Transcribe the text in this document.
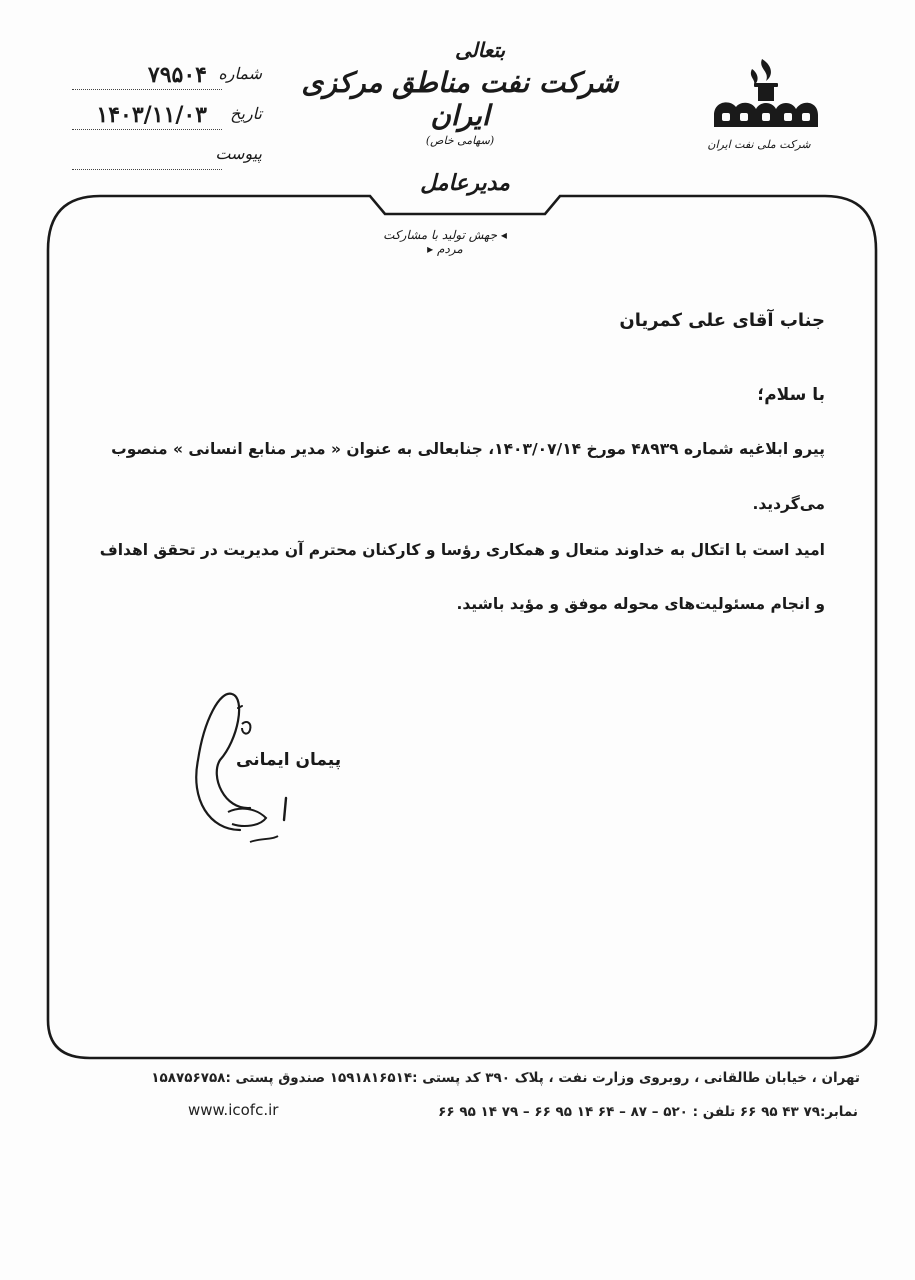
شرکت ملی نفت ایران
بتعالی
شرکت نفت مناطق مرکزی ایران
(سهامی خاص)
مدیرعامل
◂ جهش تولید با مشارکت مردم ▸
شماره
۷۹۵۰۴
تاریخ
۱۴۰۳/۱۱/۰۳
پیوست
جناب آقای علی کمریان
با سلام؛
پیرو ابلاغیه شماره ۴۸۹۳۹ مورخ ۱۴۰۳/۰۷/۱۴، جنابعالی به عنوان « مدیر منابع انسانی » منصوب
می‌گردید.
امید است با اتکال به خداوند متعال و همکاری رؤسا و کارکنان محترم آن مدیریت در تحقق اهداف
و انجام مسئولیت‌های محوله موفق و مؤید باشید.
پیمان ایمانی
تهران ، خیابان طالقانی ، روبروی وزارت نفت ، پلاک ۳۹۰ کد پستی :۱۵۹۱۸۱۶۵۱۴ صندوق پستی :۱۵۸۷۵۶۷۵۸
www.icofc.ir	نمابر:۷۹ ۴۳ ۹۵ ۶۶ تلفن : ۵۲۰ – ۸۷ – ۶۴ ۱۴ ۹۵ ۶۶ – ۷۹ ۱۴ ۹۵ ۶۶
